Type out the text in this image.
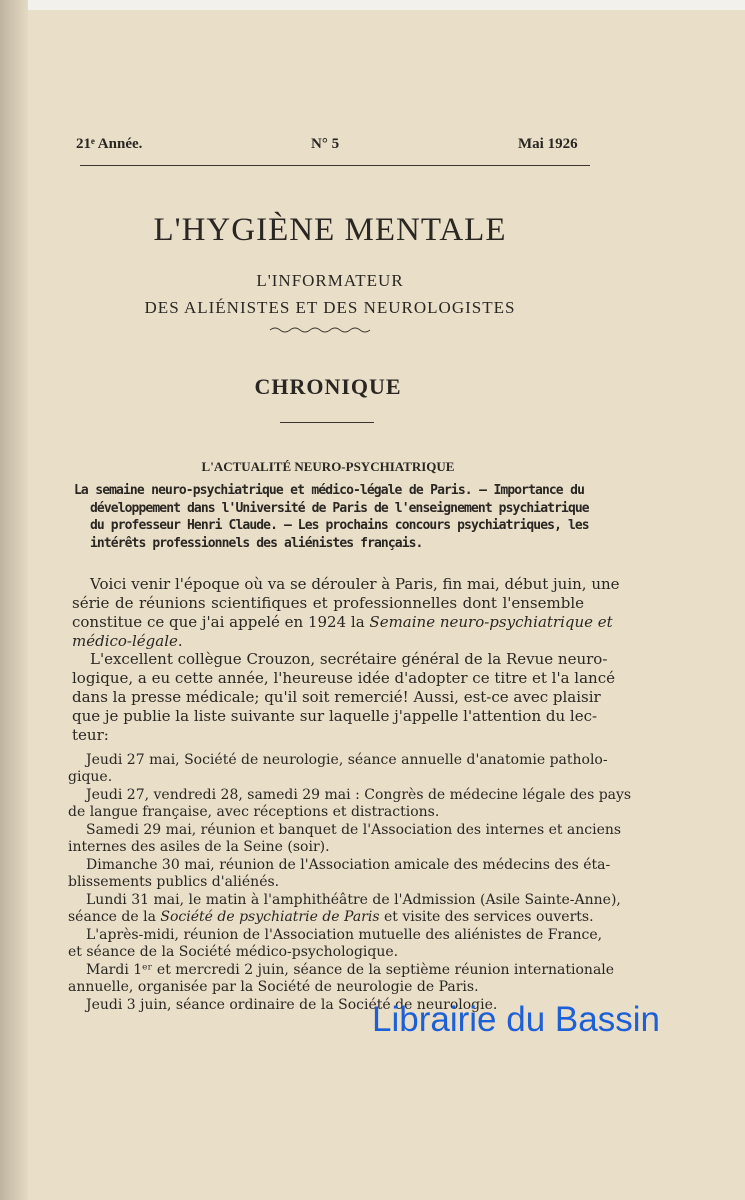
21ᵉ Année.	N° 5	Mai 1926
L'HYGIÈNE MENTALE
L'INFORMATEUR
DES ALIÉNISTES ET DES NEUROLOGISTES
CHRONIQUE
L'ACTUALITÉ NEURO-PSYCHIATRIQUE
La semaine neuro-psychiatrique et médico-légale de Paris. — Importance du
développement dans l'Université de Paris de l'enseignement psychiatrique
du professeur Henri Claude. — Les prochains concours psychiatriques, les
intérêts professionnels des aliénistes français.
Voici venir l'époque où va se dérouler à Paris, fin mai, début juin, une
série de réunions scientifiques et professionnelles dont l'ensemble
constitue ce que j'ai appelé en 1924 la Semaine neuro-psychiatrique et
médico-légale.
L'excellent collègue Crouzon, secrétaire général de la Revue neuro-
logique, a eu cette année, l'heureuse idée d'adopter ce titre et l'a lancé
dans la presse médicale; qu'il soit remercié! Aussi, est-ce avec plaisir
que je publie la liste suivante sur laquelle j'appelle l'attention du lec-
teur:
Jeudi 27 mai, Société de neurologie, séance annuelle d'anatomie patholo-
gique.
Jeudi 27, vendredi 28, samedi 29 mai : Congrès de médecine légale des pays
de langue française, avec réceptions et distractions.
Samedi 29 mai, réunion et banquet de l'Association des internes et anciens
internes des asiles de la Seine (soir).
Dimanche 30 mai, réunion de l'Association amicale des médecins des éta-
blissements publics d'aliénés.
Lundi 31 mai, le matin à l'amphithéâtre de l'Admission (Asile Sainte-Anne),
séance de la Société de psychiatrie de Paris et visite des services ouverts.
L'après-midi, réunion de l'Association mutuelle des aliénistes de France,
et séance de la Société médico-psychologique.
Mardi 1ᵉʳ et mercredi 2 juin, séance de la septième réunion internationale
annuelle, organisée par la Société de neurologie de Paris.
Jeudi 3 juin, séance ordinaire de la Société de neurologie.
Librairie du Bassin
